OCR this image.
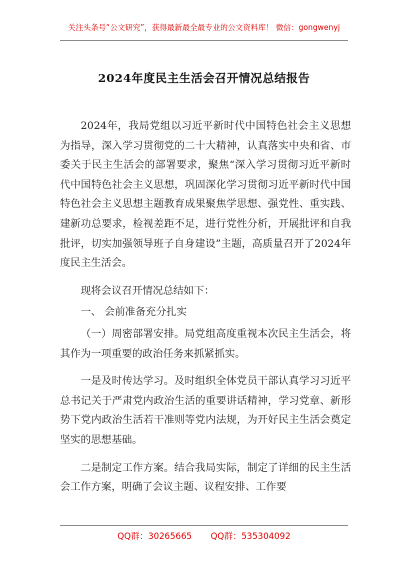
关注头条号“公文研究”，获得最新最全最专业的公文资料库！ 微信：gongwenyj
2024年度民主生活会召开情况总结报告

2024年，我局党组以习近平新时代中国特色社会主义思想为指导，深入学习贯彻党的二十大精神，认真落实中央和省、市委关于民主生活会的部署要求，聚焦“深入学习贯彻习近平新时代中国特色社会主义思想，巩固深化学习贯彻习近平新时代中国特色社会主义思想主题教育成果聚焦学思想、强党性、重实践、建新功总要求，检视差距不足，进行党性分析，开展批评和自我批评，切实加强领导班子自身建设”主题，高质量召开了2024年度民主生活会。

现将会议召开情况总结如下：

一、 会前准备充分扎实

（一）周密部署安排。局党组高度重视本次民主生活会，将其作为一项重要的政治任务来抓紧抓实。

一是及时传达学习。及时组织全体党员干部认真学习习近平总书记关于严肃党内政治生活的重要讲话精神，学习党章、新形势下党内政治生活若干准则等党内法规，为开好民主生活会奠定坚实的思想基础。

二是制定工作方案。结合我局实际，制定了详细的民主生活会工作方案，明确了会议主题、议程安排、工作要

QQ群：30265665 QQ群：535304092
